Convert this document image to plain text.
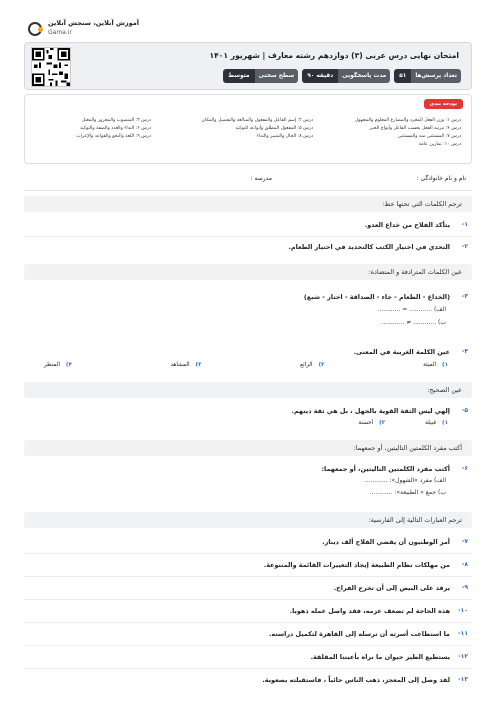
آموزش آنلاین، سنجش آنلاین
Gama.ir
امتحان نهایی درس عربی (۳) دوازدهم رشته معارف | شهریور ۱۴۰۱
تعداد پرسش‌ها
۵۱
مدت پاسخگویی
۹۰ دقیقه
سطح سختی
متوسط
بودجه بندی
درس ۱: وزن الفعل المجرد والمضارع المعلوم والمجهول
درس ۴: مرتبة الفعل بحسب الفاعل وأنواع الخبر
درس ۷: المستثنى منه والمستثنى
درس ۱۰: تمارين عامة
درس ۲: إسم الفاعل والمفعول والمبالغة والتفضيل والمكان
درس ۵: المفعول المطلق وأنواعه للتوكيد
درس ۸: الحال والتمييز والنداء
درس ۳: المنصوب والمجرور والمعتل
درس ۶: النداء والعدد والصفة والتوكيد
درس ۹: اللغة والنحو والقواعد والإعراب
نام و نام خانوادگی :
مدرسه :
ترجم الكلمات التي تحتها خط:
۱-
يتأكد الفلاح من خداع العدو.
۲-
التحدي في اختيار الكتب كالتحديد في اختيار الطعام.
عين الكلمات المترادفة و المتضادة:
۳-
(الخداع - الطعام - جاء - الصداقة - اختار - شبع)
الف) ............ = ............
ب) ............ ≠ ............
۴-
عين الكلمة الغريبة في المعنى.
۱)
الميتة
۲)
الرائع
۳)
المشاهد
۴)
المنظر
عين الصحيح:
۵-
إلهي ليس الثقة القوية بالجهل ، بل هي ثقة دينهم.
۱)
قبيلة
۲)
أحسنة
أكتب مفرد الكلمتين التاليتين، أو جمعهما:
۶-
أكتب مفرد الكلمتين التاليتين، أو جمعهما:
الف) مفرد «الشهول»: ............
ب) جمع « الطبيعة»: ............
ترجم العبارات التالية إلى الفارسية:
۷-
أمر الوطنيون أن يقضي الفلاح ألف دينار.
۸-
من مهلكات نظام الطبيعة إيجاد التغييرات القائمة والمتنوعة.
۹-
يرقد على البيض إلى أن تخرج الفراخ.
۱۰-
هذه الحاجة لم تضعف عزمه، فقد واصل عمله ذهوبا.
۱۱-
ما استطاعت أسرته أن ترسله إلى القاهرة لتكميل دراسته.
۱۲-
يستطيع الطير حيوان ما نراه بأعيننا المقلقة.
۱۳-
لقد وصل إلى المعجز، ذهب الناس حائباً ، فاستقبلته بصعوبة.
